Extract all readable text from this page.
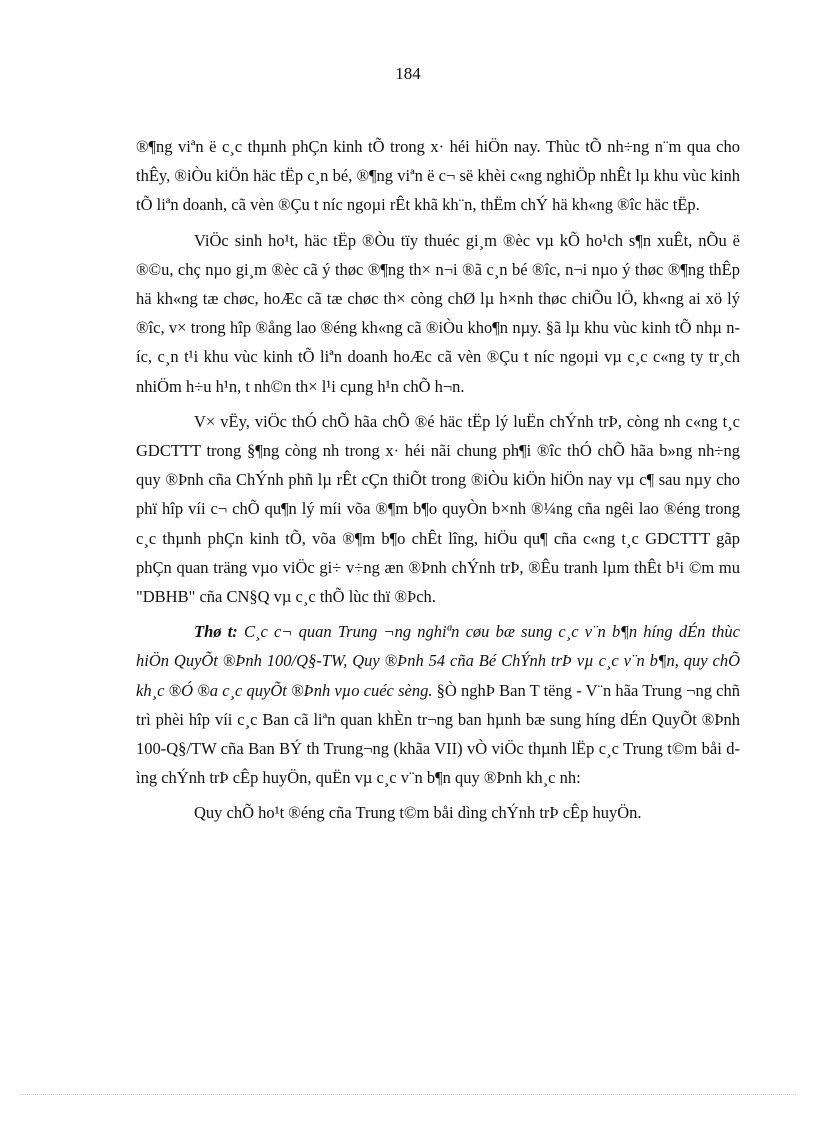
184

®¶ng viªn ë c¸c thµnh phÇn kinh tÕ trong x· héi hiÖn nay. Thùc tÕ nh÷ng n¨m qua cho thÊy, ®iÒu kiÖn häc tËp c¸n bé, ®¶ng viªn ë c¬ së khèi c«ng nghiÖp nhÊt lµ khu vùc kinh tÕ liªn doanh, cã vèn ®Çu t níc ngoµi rÊt khã kh¨n, thËm chÝ hä kh«ng ®îc häc tËp.

ViÖc sinh ho¹t, häc tËp ®Òu tïy thuéc gi¸m ®èc vµ kÕ ho¹ch s¶n xuÊt, nÕu ë ®©u, chç nµo gi¸m ®èc cã ý thøc ®¶ng th× n¬i ®ã c¸n bé ®îc, n¬i nµo ý thøc ®¶ng thÊp hä kh«ng tæ chøc, hoÆc cã tæ chøc th× còng chØ lµ h×nh thøc chiÕu lÖ, kh«ng ai xö lý ®îc, v× trong hîp ®ång lao ®éng kh«ng cã ®iÒu kho¶n nµy. §ã lµ khu vùc kinh tÕ nhµ níc, c¸n t¹i khu vùc kinh tÕ liªn doanh hoÆc cã vèn ®Çu t níc ngoµi vµ c¸c c«ng ty tr¸ch nhiÖm h÷u h¹n, t nh©n th× l¹i cµng h¹n chÕ h¬n.

V× vËy, viÖc thÓ chÕ hãa chÕ ®é häc tËp lý luËn chÝnh trÞ, còng nh c«ng t¸c GDCTTT trong §¶ng còng nh trong x· héi nãi chung ph¶i ®îc thÓ chÕ hãa b»ng nh÷ng quy ®Þnh cña ChÝnh phñ lµ rÊt cÇn thiÕt trong ®iÒu kiÖn hiÖn nay vµ c¶ sau nµy cho phï hîp víi c¬ chÕ qu¶n lý míi võa ®¶m b¶o quyÒn b×nh ®¼ng cña ngêi lao ®éng trong c¸c thµnh phÇn kinh tÕ, võa ®¶m b¶o chÊt lîng, hiÖu qu¶ cña c«ng t¸c GDCTTT gãp phÇn quan träng vµo viÖc gi÷ v÷ng æn ®Þnh chÝnh trÞ, ®Êu tranh lµm thÊt b¹i ©m mu "DBHB" cña CN§Q vµ c¸c thÕ lùc thï ®Þch.

Thø t: C¸c c¬ quan Trung ¬ng nghiªn cøu bæ sung c¸c v¨n b¶n híng dÉn thùc hiÖn QuyÕt ®Þnh 100/Q§-TW, Quy ®Þnh 54 cña Bé ChÝnh trÞ vµ c¸c v¨n b¶n, quy chÕ kh¸c ®Ó ®a c¸c quyÕt ®Þnh vµo cuéc sèng. §Ò nghÞ Ban T tëng - V¨n hãa Trung ¬ng chñ trì phèi hîp víi c¸c Ban cã liªn quan khÈn tr¬ng ban hµnh bæ sung híng dÉn QuyÕt ®Þnh 100-Q§/TW cña Ban BÝ th Trung¬ng (khãa VII) vÒ viÖc thµnh lËp c¸c Trung t©m båi dìng chÝnh trÞ cÊp huyÖn, quËn vµ c¸c v¨n b¶n quy ®Þnh kh¸c nh:

Quy chÕ ho¹t ®éng cña Trung t©m båi dìng chÝnh trÞ cÊp huyÖn.
